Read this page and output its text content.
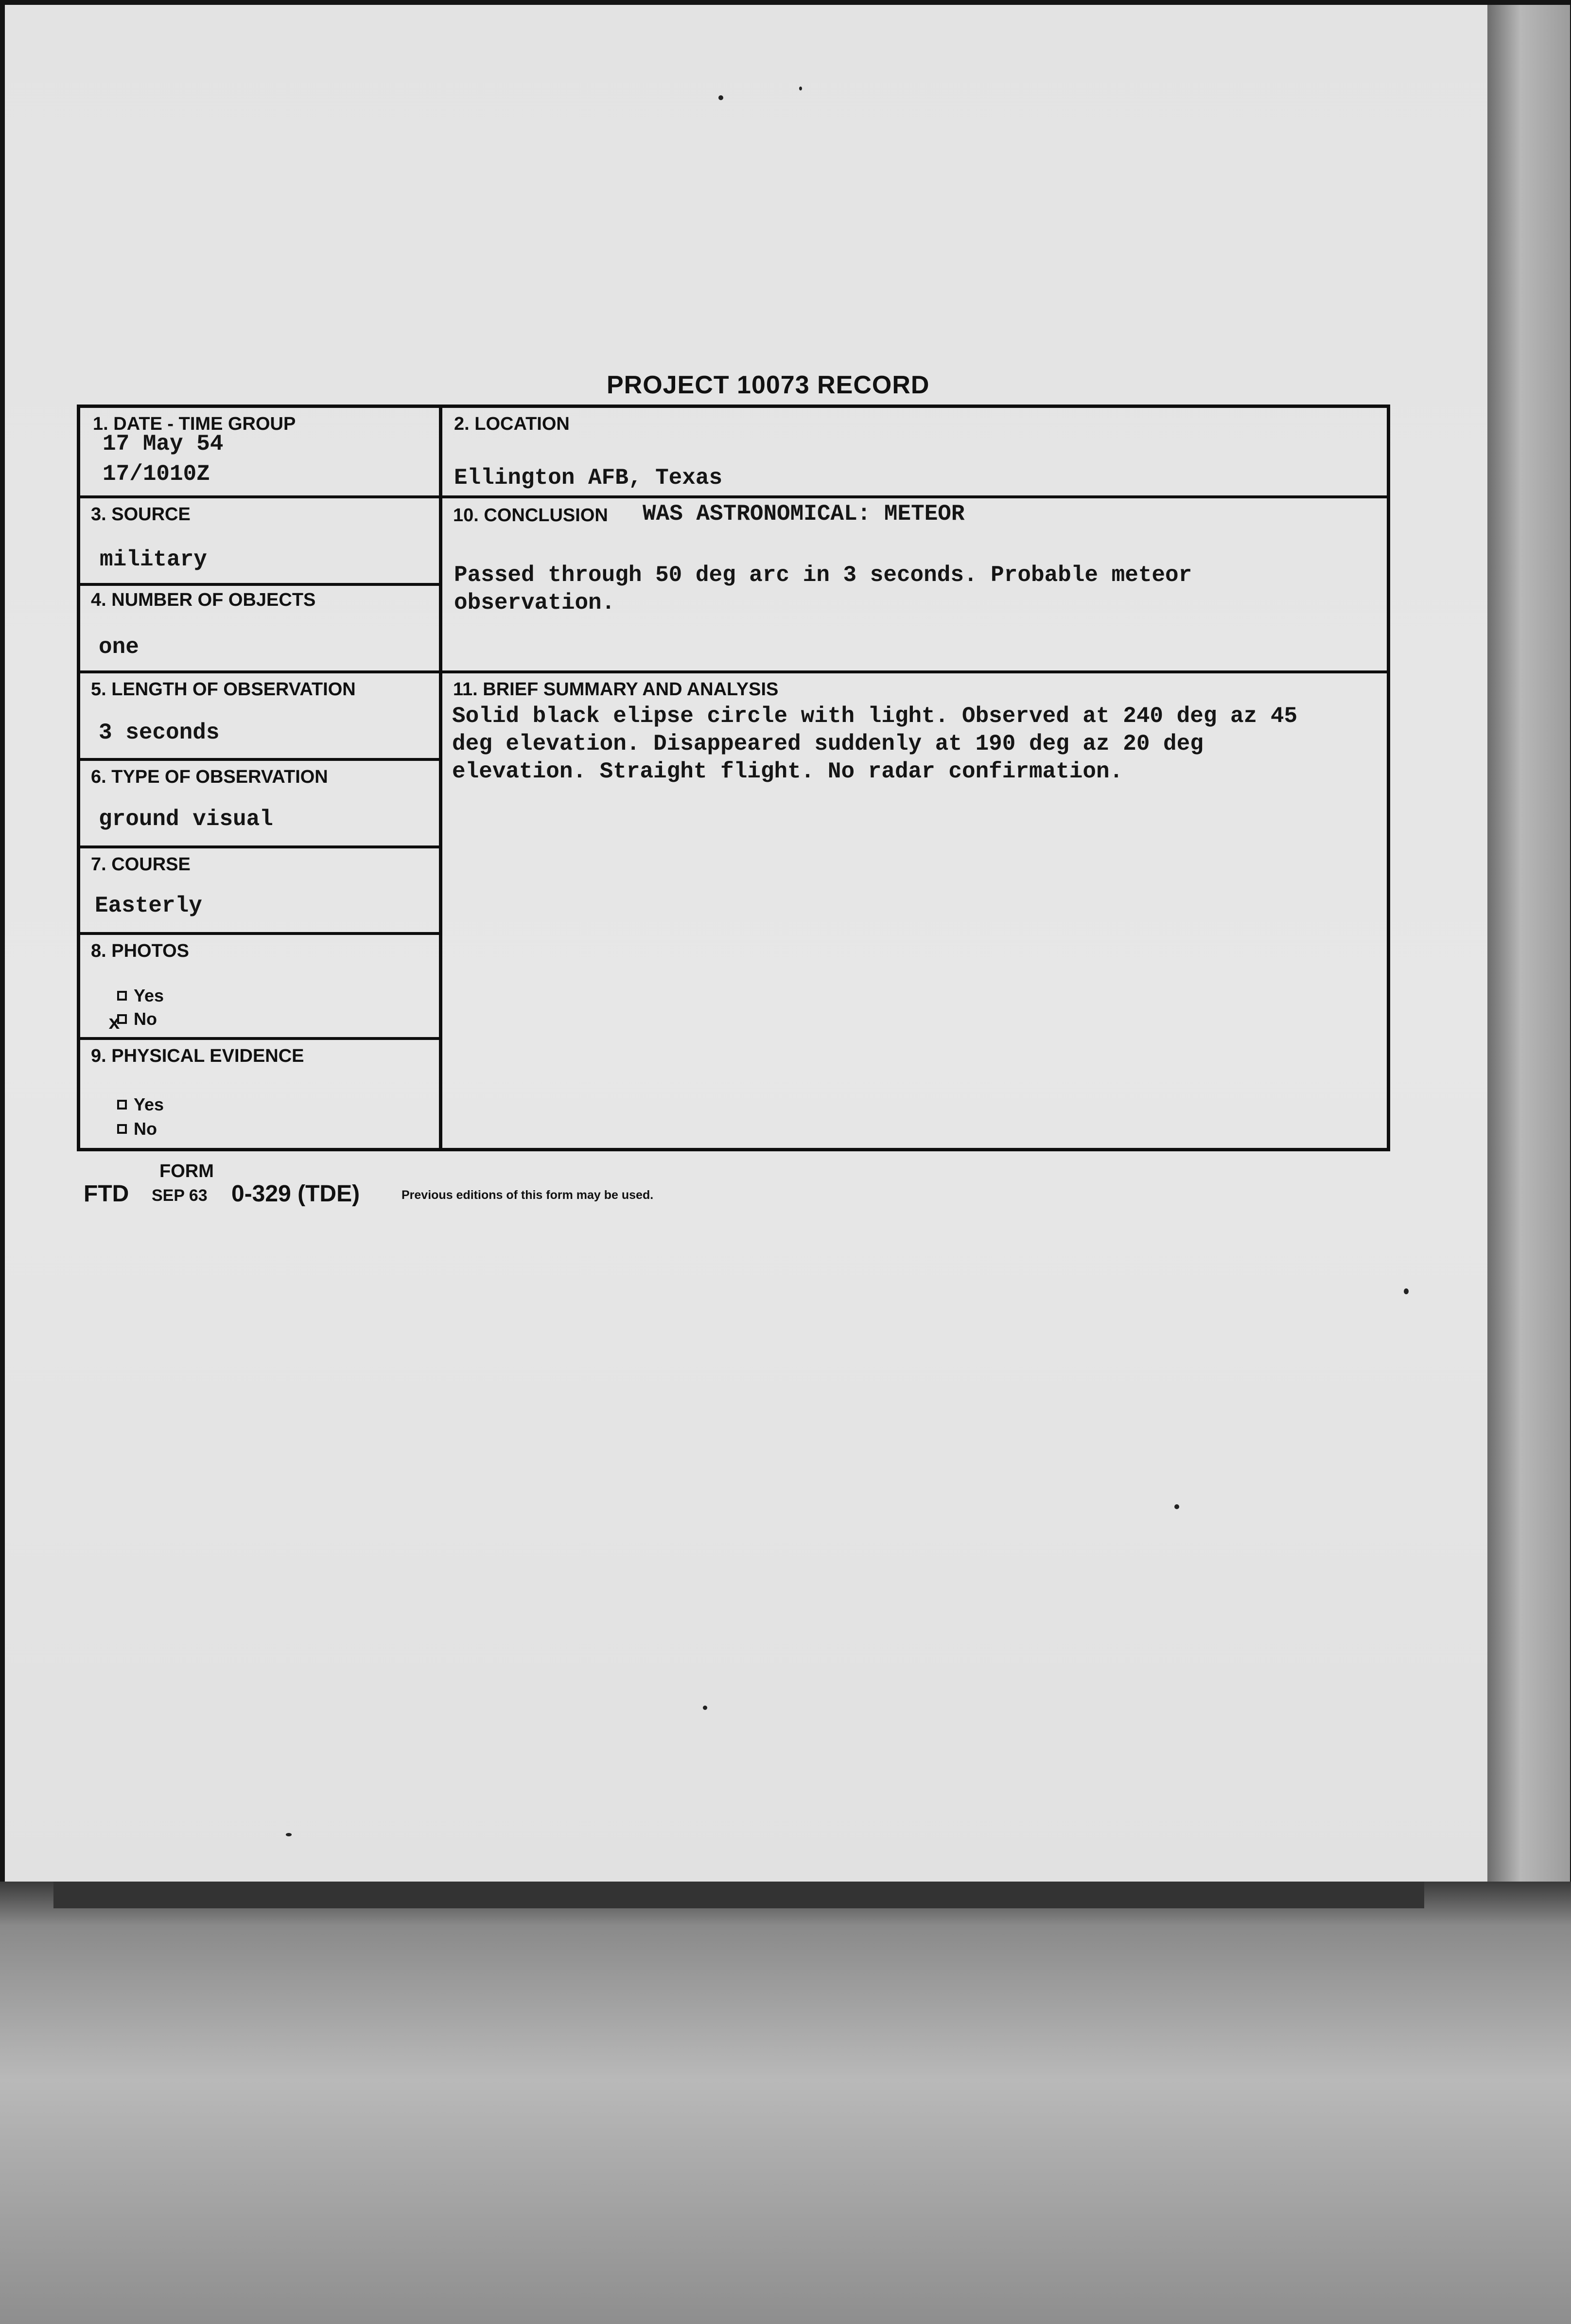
PROJECT 10073 RECORD

1. DATE - TIME GROUP

17 May 54

17/1010Z

2. LOCATION

Ellington AFB, Texas

3. SOURCE

military

4. NUMBER OF OBJECTS

one

10. CONCLUSION WAS ASTRONOMICAL: METEOR

Passed through 50 deg arc in 3 seconds. Probable meteor observation.

5. LENGTH OF OBSERVATION

3 seconds

6. TYPE OF OBSERVATION

ground visual

7. COURSE

Easterly

8. PHOTOS

Yes
x No

9. PHYSICAL EVIDENCE

Yes
No

11. BRIEF SUMMARY AND ANALYSIS

Solid black elipse circle with light. Observed at 240 deg az 45 deg elevation. Disappeared suddenly at 190 deg az 20 deg elevation. Straight flight. No radar confirmation.

FORM
FTD SEP 63 0-329 (TDE)	Previous editions of this form may be used.
